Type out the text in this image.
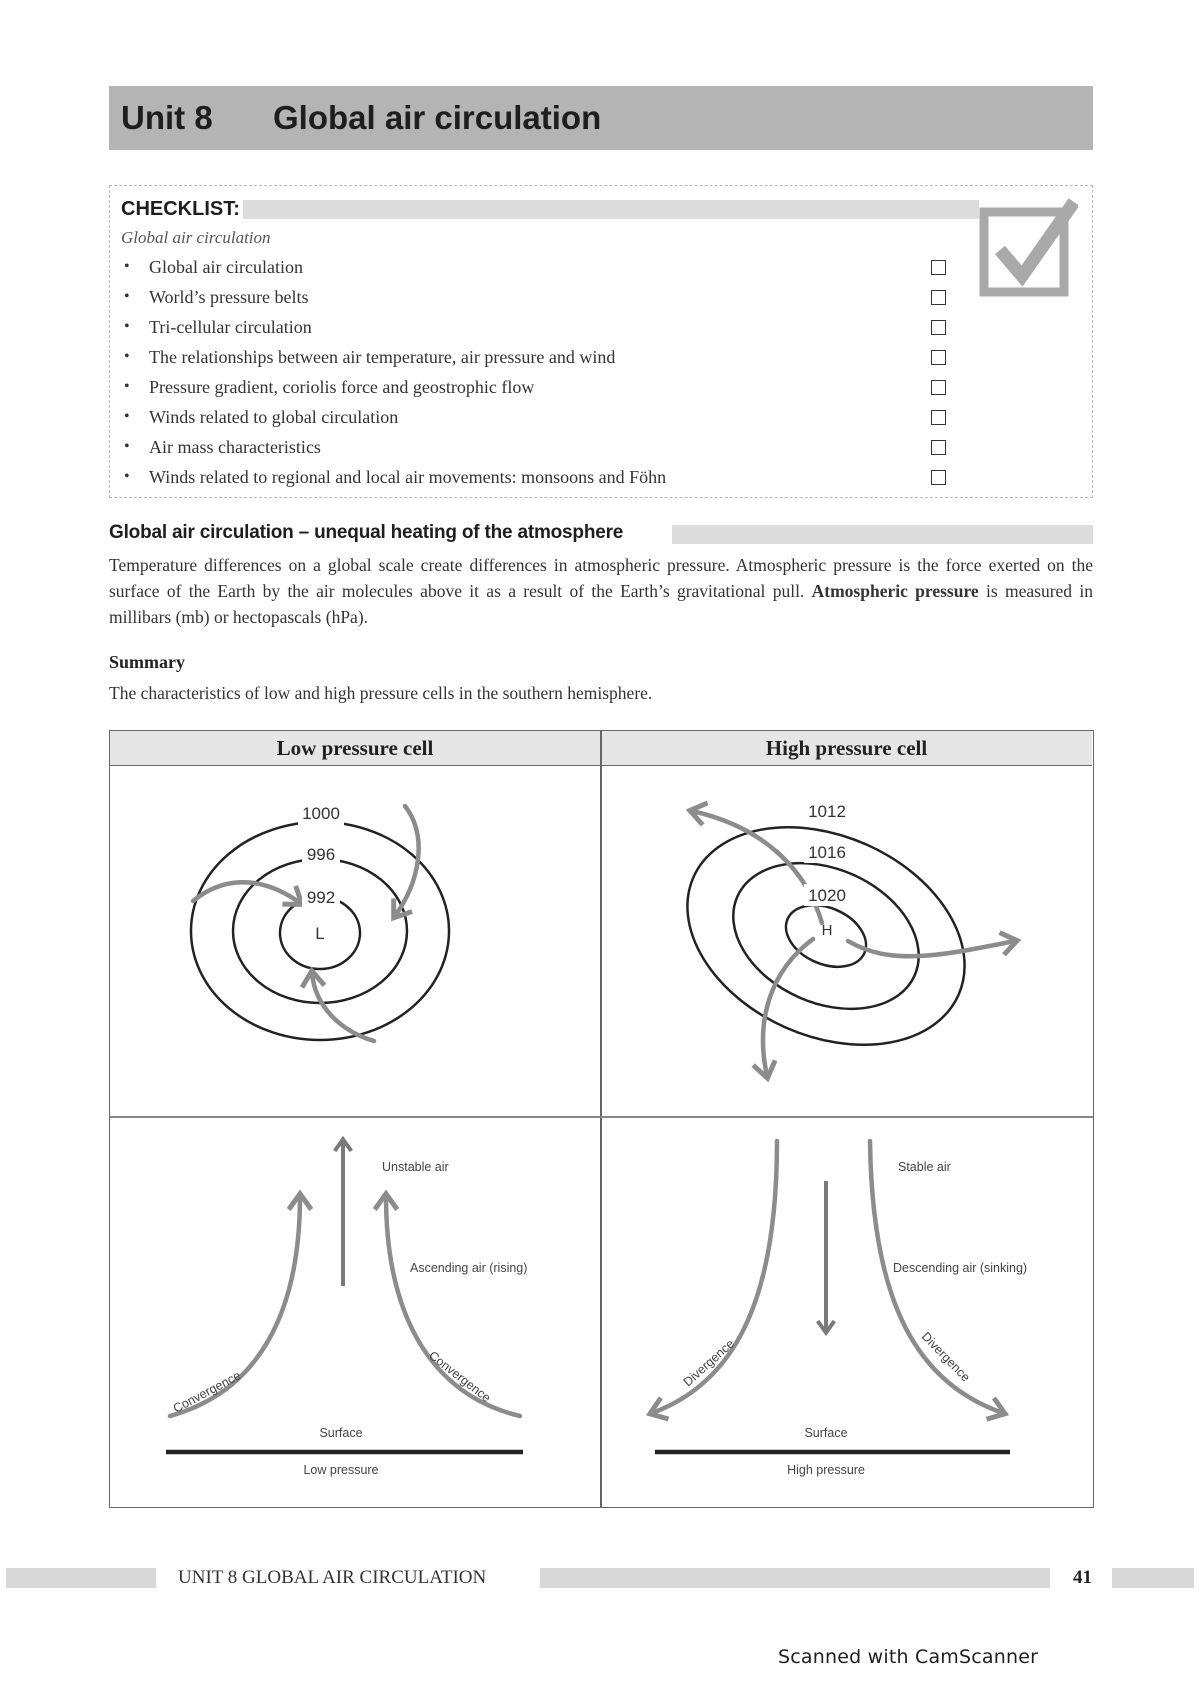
Unit 8	Global air circulation
CHECKLIST:
Global air circulation
• Global air circulation
• World’s pressure belts
• Tri-cellular circulation
• The relationships between air temperature, air pressure and wind
• Pressure gradient, coriolis force and geostrophic flow
• Winds related to global circulation
• Air mass characteristics
• Winds related to regional and local air movements: monsoons and Föhn
Global air circulation – unequal heating of the atmosphere
Temperature differences on a global scale create differences in atmospheric pressure. Atmospheric pressure is the force exerted on the surface of the Earth by the air molecules above it as a result of the Earth’s gravitational pull. Atmospheric pressure is measured in millibars (mb) or hectopascals (hPa).
Summary
The characteristics of low and high pressure cells in the southern hemisphere.
Low pressure cell	High pressure cell
1000
996
992
L
1012
1016
1020
H
Unstable air
Ascending air (rising)
Convergence	Convergence
Surface
Low pressure
Stable air
Descending air (sinking)
Divergence	Divergence
Surface
High pressure
UNIT 8 GLOBAL AIR CIRCULATION	41
Scanned with CamScanner
